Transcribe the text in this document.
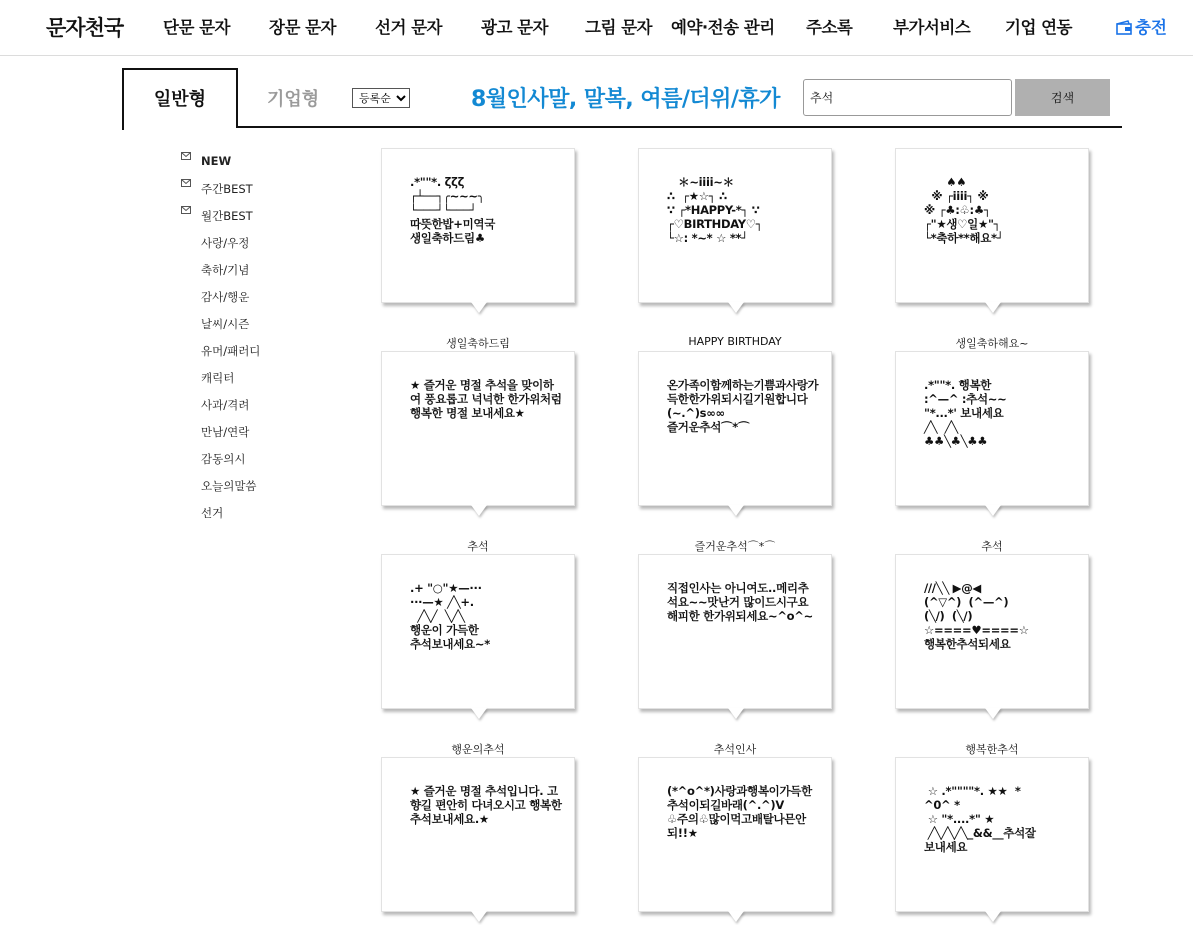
문자천국 단문 문자 장문 문자 선거 문자 광고 문자 그림 문자 예약·전송 관리 주소록 부가서비스 기업 연동	충전
일반형	기업형
등록순	8월인사말, 말복, 여름/더위/휴가
추석	검색
NEW
주간BEST
월간BEST
사랑/우정
축하/기념
감사/행운
날씨/시즌
유머/패러디
캐릭터
사과/격려
만남/연락
감동의시
오늘의말씀
선거
.*""*. ζζζ
┌┴──┐╭~~~╮
└───┘└───┘
따뜻한밥+미역국
생일축하드림♣
＊~iiii~＊
∴  ┌★☆┐ ∴
∵ ┌*HAPPY-*┐ ∵
┌♡BIRTHDAY♡┐
└☆: *~* ☆ **┘
♠♠
※ ┌iiii┐ ※
※ ┌♣:♧:♣┐
┌"★생♡일★"┐
└*축하**해요*┘
생일축하드림	HAPPY BIRTHDAY	생일축하해요~
★ 즐거운 명절 추석을 맞이하여 풍요롭고 넉넉한 한가위처럼 행복한 명절 보내세요★
온가족이함께하는기쁨과사랑가득한한가위되시길기원합니다(~.^)s∞∞
즐거운추석⌒*⌒
.*""*. 행복한
:^—^ :추석~~
"*...*' 보내세요
╱╲  ╱╲
♣♣╲♣╲♣♣
추석	즐거운추석⌒*⌒	추석
.+ "○"★—···
···—★ ╱╲+.
╱╲╱  ╲╱╲
행운이 가득한
추석보내세요~*
직접인사는 아니여도..메리추석요~~맛난거 많이드시구요 해피한 한가위되세요~^o^~
///╲╲ ▶@◀
(^▽^)  (^—^)
(╲/)  (╲/)
☆====♥====☆
행복한추석되세요
행운의추석	추석인사	행복한추석
★ 즐거운 명절 추석입니다. 고향길 편안히 다녀오시고 행복한 추석보내세요.★
(*^o^*)사랑과행복이가득한추석이되길바래(^.^)V
♧주의♧많이먹고배탈나믄안되!!★
☆ .*""""*. ★★  *
^0^ *
☆ "*....*" ★
╱╲╱╲╱╲_&&__추석잘
보내세요
